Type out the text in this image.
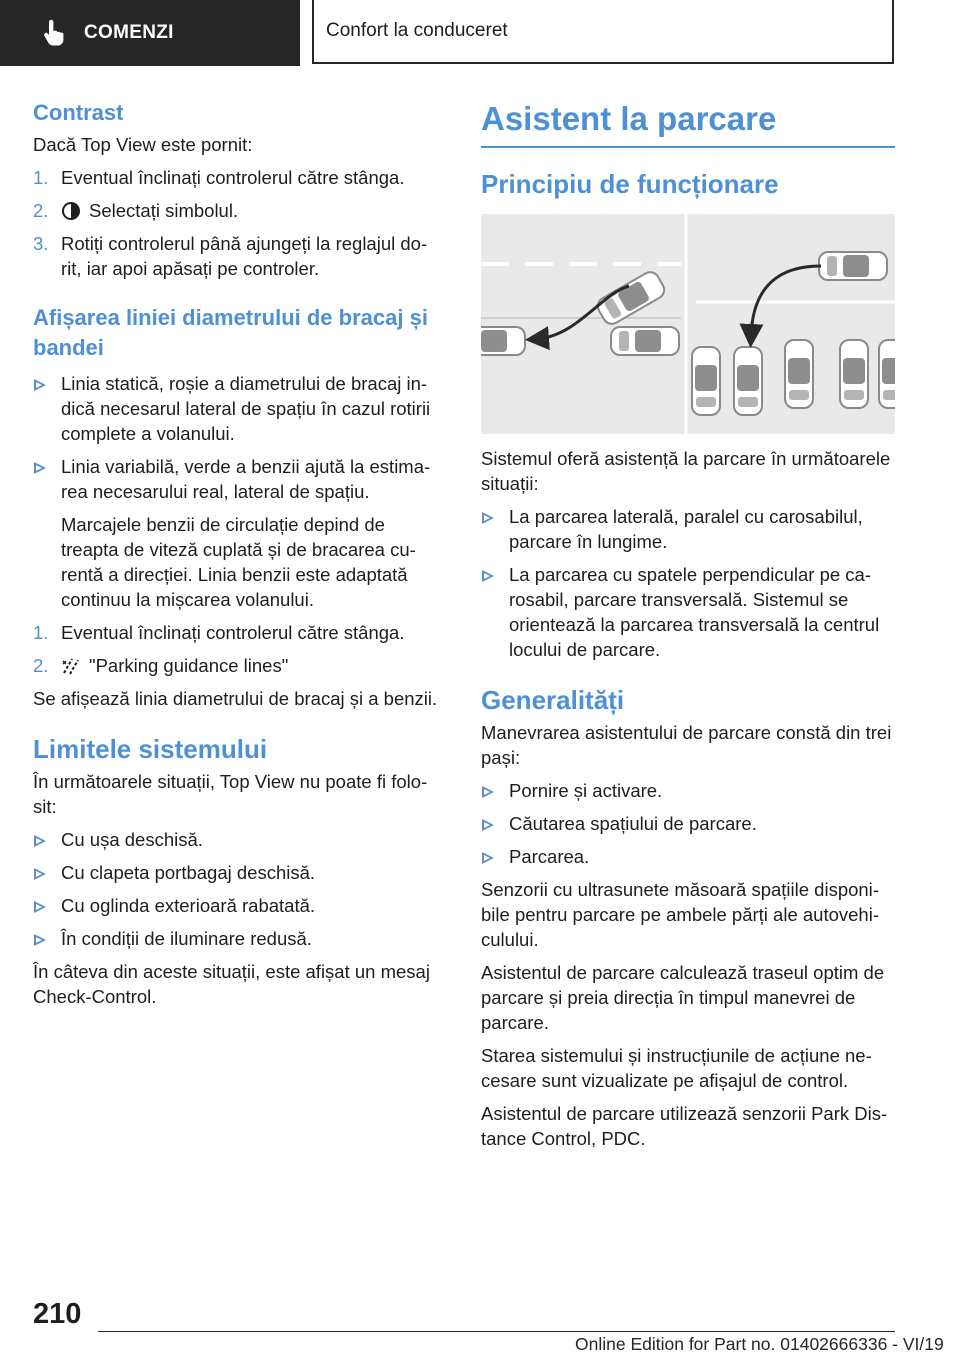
COMENZI	Confort la conduceret
Contrast

Dacă Top View este pornit:

1. Eventual înclinați controlerul către stânga.
2. Selectați simbolul.
3. Rotiți controlerul până ajungeți la reglajul dorit, iar apoi apăsați pe controler.
Afișarea liniei diametrului de bracaj și bandei
Linia statică, roșie a diametrului de bracaj indică necesarul lateral de spațiu în cazul rotirii complete a volanului.
Linia variabilă, verde a benzii ajută la estimarea necesarului real, lateral de spațiu.

Marcajele benzii de circulație depind de treapta de viteză cuplată și de bracarea curentă a direcției. Linia benzii este adaptată continuu la mișcarea volanului.

1. Eventual înclinați controlerul către stânga.
2. "Parking guidance lines"

Se afișează linia diametrului de bracaj și a benzii.

Limitele sistemului

În următoarele situații, Top View nu poate fi folosit:

Cu ușa deschisă.
Cu clapeta portbagaj deschisă.
Cu oglinda exterioară rabatată.
În condiții de iluminare redusă.

În câteva din aceste situații, este afișat un mesaj Check-Control.

Asistent la parcare
Principiu de funcționare

Sistemul oferă asistență la parcare în următoarele situații:

La parcarea laterală, paralel cu carosabilul, parcare în lungime.
La parcarea cu spatele perpendicular pe carosabil, parcare transversală. Sistemul se orientează la parcarea transversală la centrul locului de parcare.
Generalități

Manevrarea asistentului de parcare constă din trei pași:

Pornire și activare.
Căutarea spațiului de parcare.
Parcarea.

Senzorii cu ultrasunete măsoară spațiile disponibile pentru parcare pe ambele părți ale autovehiculului.

Asistentul de parcare calculează traseul optim de parcare și preia direcția în timpul manevrei de parcare.

Starea sistemului și instrucțiunile de acțiune necesare sunt vizualizate pe afișajul de control.

Asistentul de parcare utilizează senzorii Park Distance Control, PDC.

210
Online Edition for Part no. 01402666336 - VI/19
